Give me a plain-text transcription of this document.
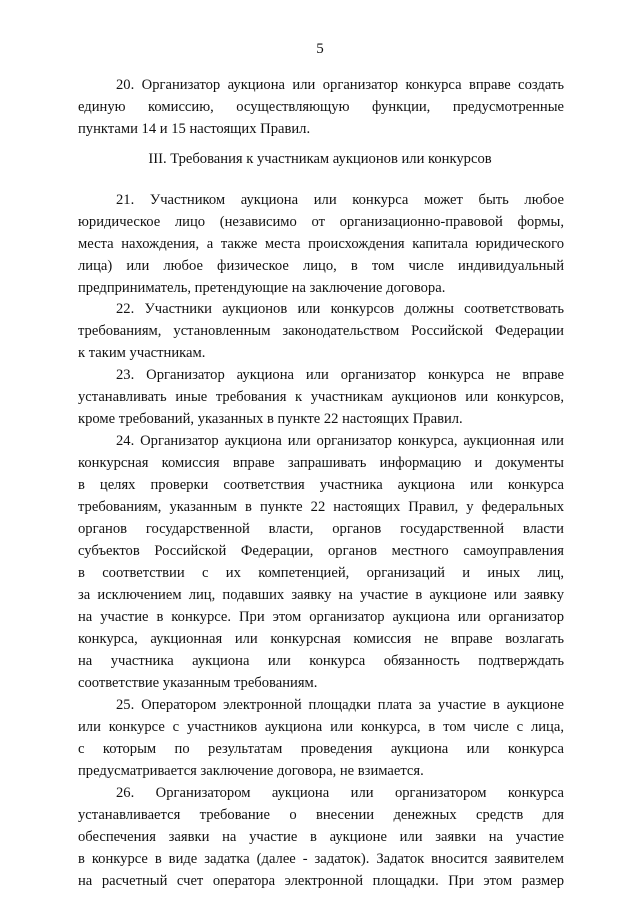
5
20. Организатор аукциона или организатор конкурса вправе создать
единую комиссию, осуществляющую функции, предусмотренные
пунктами 14 и 15 настоящих Правил.
III. Требования к участникам аукционов или конкурсов
21. Участником аукциона или конкурса может быть любое
юридическое лицо (независимо от организационно-правовой формы,
места нахождения, а также места происхождения капитала юридического
лица) или любое физическое лицо, в том числе индивидуальный
предприниматель, претендующие на заключение договора.
22. Участники аукционов или конкурсов должны соответствовать
требованиям, установленным законодательством Российской Федерации
к таким участникам.
23. Организатор аукциона или организатор конкурса не вправе
устанавливать иные требования к участникам аукционов или конкурсов,
кроме требований, указанных в пункте 22 настоящих Правил.
24. Организатор аукциона или организатор конкурса, аукционная или
конкурсная комиссия вправе запрашивать информацию и документы
в целях проверки соответствия участника аукциона или конкурса
требованиям, указанным в пункте 22 настоящих Правил, у федеральных
органов государственной власти, органов государственной власти
субъектов Российской Федерации, органов местного самоуправления
в соответствии с их компетенцией, организаций и иных лиц,
за исключением лиц, подавших заявку на участие в аукционе или заявку
на участие в конкурсе. При этом организатор аукциона или организатор
конкурса, аукционная или конкурсная комиссия не вправе возлагать
на участника аукциона или конкурса обязанность подтверждать
соответствие указанным требованиям.
25. Оператором электронной площадки плата за участие в аукционе
или конкурсе с участников аукциона или конкурса, в том числе с лица,
с которым по результатам проведения аукциона или конкурса
предусматривается заключение договора, не взимается.
26. Организатором аукциона или организатором конкурса
устанавливается требование о внесении денежных средств для
обеспечения заявки на участие в аукционе или заявки на участие
в конкурсе в виде задатка (далее - задаток). Задаток вносится заявителем
на расчетный счет оператора электронной площадки. При этом размер
